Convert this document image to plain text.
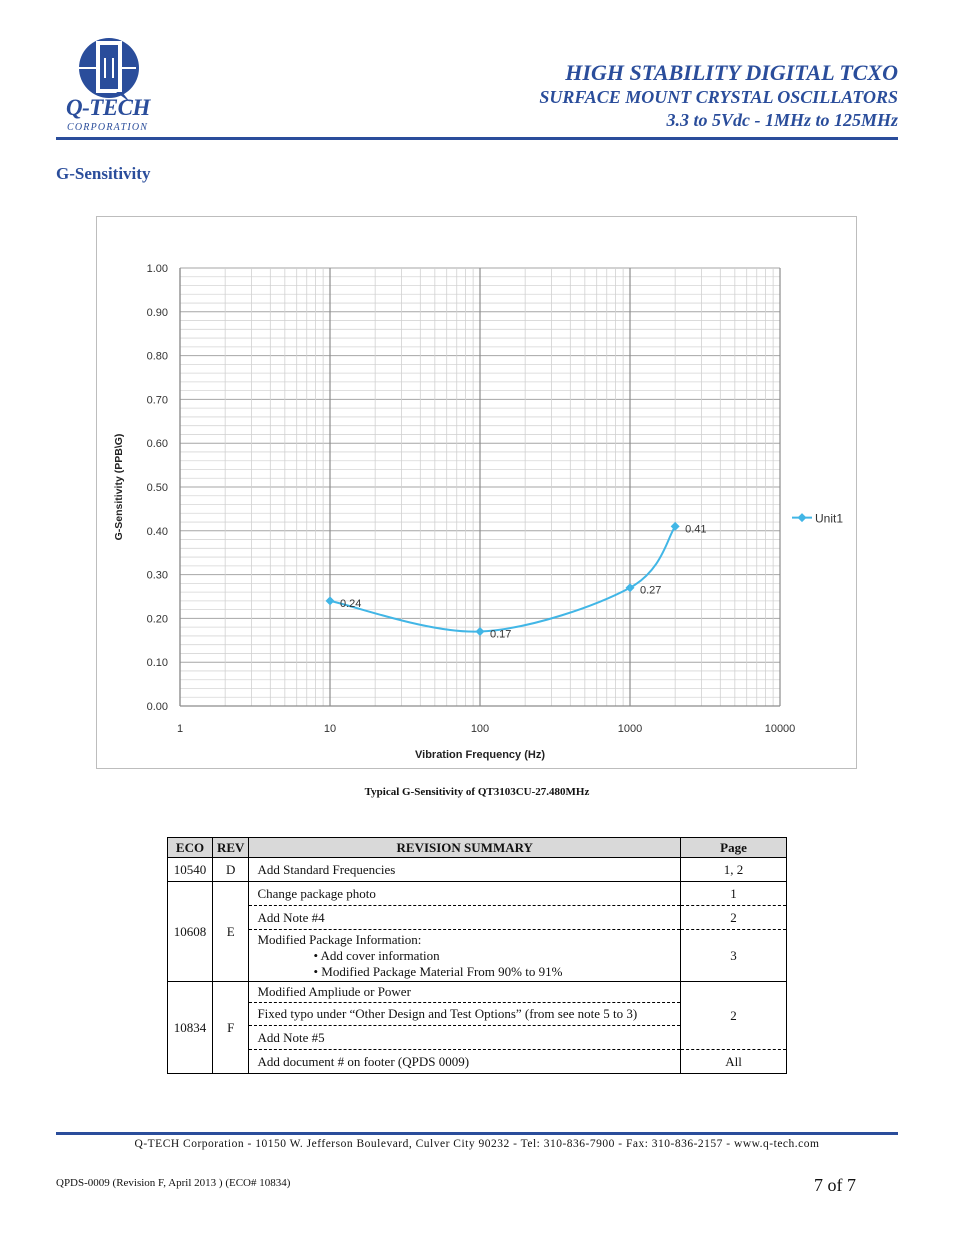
Q-TECH
CORPORATION
HIGH STABILITY DIGITAL TCXO
SURFACE MOUNT CRYSTAL OSCILLATORS
3.3 to 5Vdc - 1MHz to 125MHz
G-Sensitivity
0.00
0.10
0.20
0.30
0.40
0.50
0.60
0.70
0.80
0.90
1.00
1	10	100	1000	10000
Vibration Frequency (Hz)
G-Sensitivity (PPB\G)
0.24
0.17
0.27
0.41
Unit1
Typical G-Sensitivity of QT3103CU-27.480MHz
ECO	REV	REVISION SUMMARY	Page
10540	D	Add Standard Frequencies	1, 2
10608	E	Change package photo	1
		Add Note #4	2

		Modified Package Information:
• Add cover information
• Modified Package Material From 90% to 91%	3
10834	F	Modified Ampliude or Power	2
		Fixed typo under “Other Design and Test Options” (from see note 5 to 3)	
		Add Note #5	
		Add document # on footer (QPDS 0009)	All
Q-TECH Corporation - 10150 W. Jefferson Boulevard, Culver City 90232 - Tel: 310-836-7900 - Fax: 310-836-2157 - www.q-tech.com
QPDS-0009 (Revision F, April 2013 ) (ECO# 10834)	7 of 7
